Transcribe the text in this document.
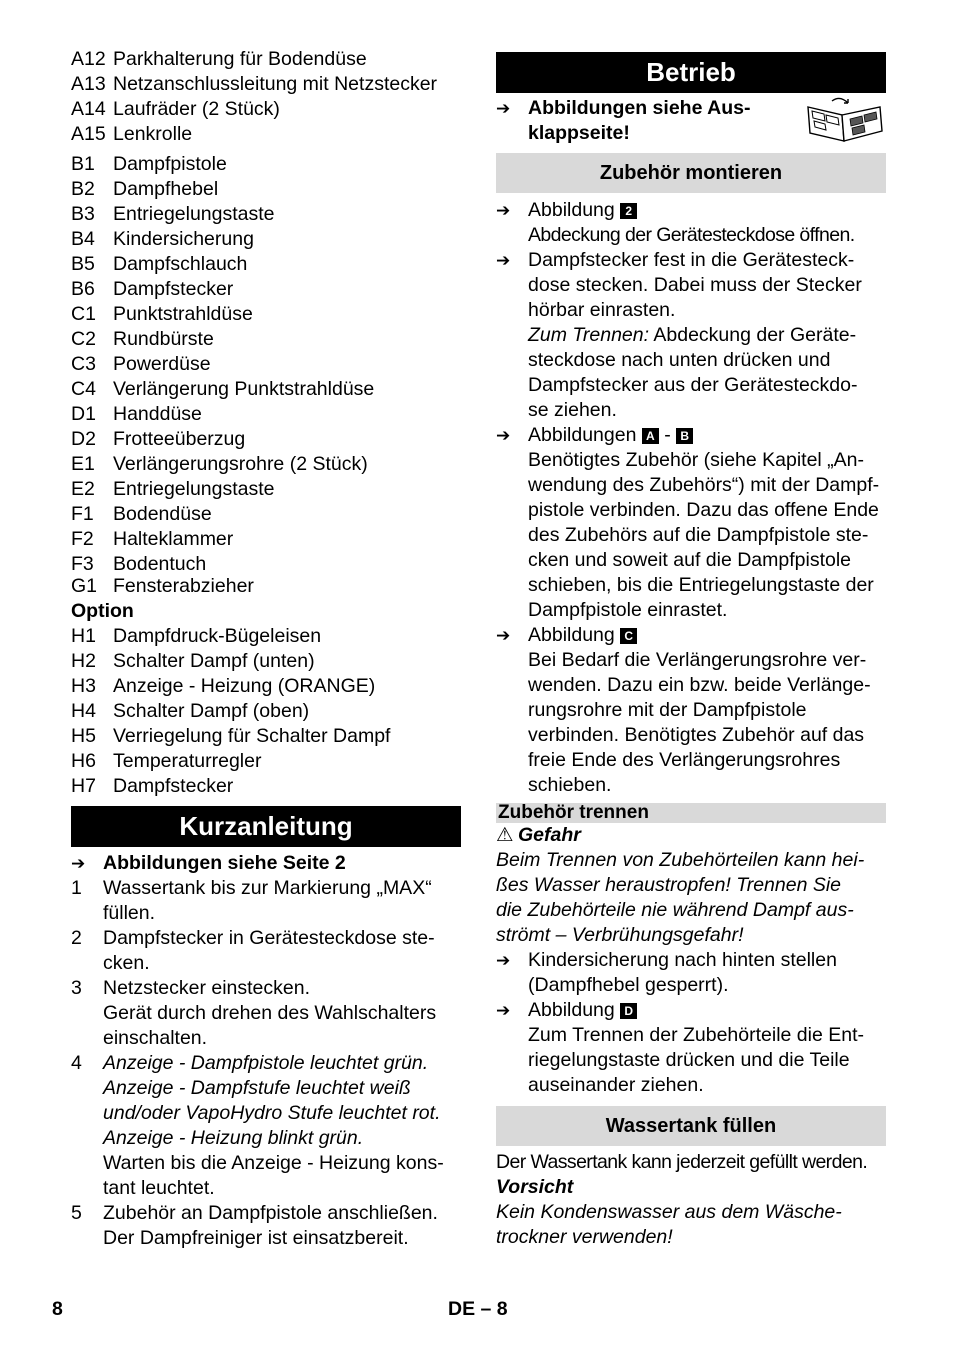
A12 Parkhalterung für Bodendüse
A13 Netzanschlussleitung mit Netzstecker
A14 Laufräder (2 Stück)
A15 Lenkrolle
B1 Dampfpistole
B2 Dampfhebel
B3 Entriegelungstaste
B4 Kindersicherung
B5 Dampfschlauch
B6 Dampfstecker
C1 Punktstrahldüse
C2 Rundbürste
C3 Powerdüse
C4 Verlängerung Punktstrahldüse
D1 Handdüse
D2 Frotteeüberzug
E1 Verlängerungsrohre (2 Stück)
E2 Entriegelungstaste
F1 Bodendüse
F2 Halteklammer
F3 Bodentuch
G1 Fensterabzieher
Option
H1 Dampfdruck-Bügeleisen
H2 Schalter Dampf (unten)
H3 Anzeige - Heizung (ORANGE)
H4 Schalter Dampf (oben)
H5 Verriegelung für Schalter Dampf
H6 Temperaturregler
H7 Dampfstecker
Kurzanleitung
➔ Abbildungen siehe Seite 2
1	Wassertank bis zur Markierung „MAX“
füllen.
2	Dampfstecker in Gerätesteckdose ste-
cken.
3	Netzstecker einstecken.
Gerät durch drehen des Wahlschalters
einschalten.
4	Anzeige - Dampfpistole leuchtet grün.
Anzeige - Dampfstufe leuchtet weiß
und/oder VapoHydro Stufe leuchtet rot.
Anzeige - Heizung blinkt grün.
Warten bis die Anzeige - Heizung kons-
tant leuchtet.
5	Zubehör an Dampfpistole anschließen.
Der Dampfreiniger ist einsatzbereit.
Betrieb
➔ Abbildungen siehe Aus-
klappseite!
Zubehör montieren
➔ Abbildung 2
Abdeckung der Gerätesteckdose öffnen.
➔ Dampfstecker fest in die Gerätesteck-
dose stecken. Dabei muss der Stecker
hörbar einrasten.
Zum Trennen: Abdeckung der Geräte-
steckdose nach unten drücken und
Dampfstecker aus der Gerätesteckdo-
se ziehen.
➔ Abbildungen A - B
Benötigtes Zubehör (siehe Kapitel „An-
wendung des Zubehörs“) mit der Dampf-
pistole verbinden. Dazu das offene Ende
des Zubehörs auf die Dampfpistole ste-
cken und soweit auf die Dampfpistole
schieben, bis die Entriegelungstaste der
Dampfpistole einrastet.
➔ Abbildung C
Bei Bedarf die Verlängerungsrohre ver-
wenden. Dazu ein bzw. beide Verlänge-
rungsrohre mit der Dampfpistole
verbinden. Benötigtes Zubehör auf das
freie Ende des Verlängerungsrohres
schieben.
Zubehör trennen
⚠ Gefahr
Beim Trennen von Zubehörteilen kann hei-
ßes Wasser heraustropfen! Trennen Sie
die Zubehörteile nie während Dampf aus-
strömt – Verbrühungsgefahr!
➔ Kindersicherung nach hinten stellen
(Dampfhebel gesperrt).
➔ Abbildung D
Zum Trennen der Zubehörteile die Ent-
riegelungstaste drücken und die Teile
auseinander ziehen.
Wassertank füllen
Der Wassertank kann jederzeit gefüllt werden.
Vorsicht
Kein Kondenswasser aus dem Wäsche-
trockner verwenden!
8	DE – 8
